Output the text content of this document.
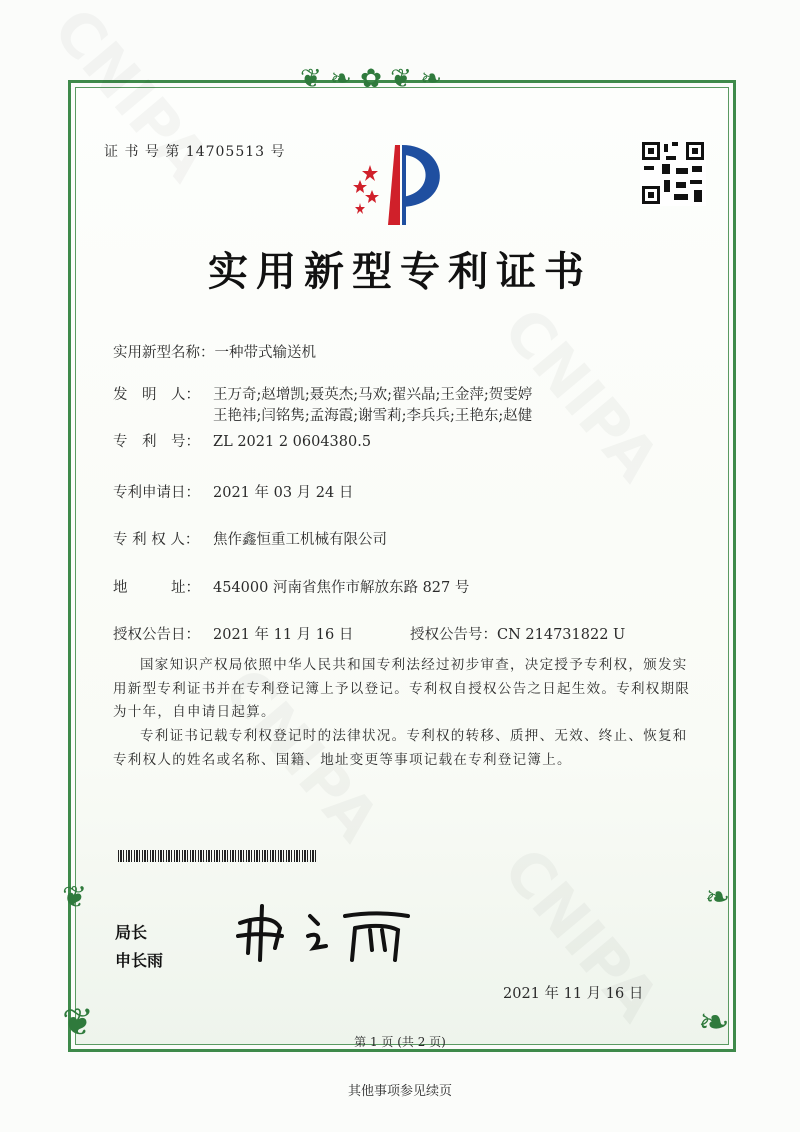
❦ ❧ ✿ ❦ ❧
❦	❧
❦	❧
证 书 号 第 14705513 号
实用新型专利证书
实用新型名称：一种带式输送机
发　明　人： 王万奇;赵增凯;聂英杰;马欢;翟兴晶;王金萍;贺雯婷
王艳祎;闫铭隽;孟海霞;谢雪莉;李兵兵;王艳东;赵健
专　利　号： ZL 2021 2 0604380.5
专利申请日： 2021 年 03 月 24 日
专 利 权 人： 焦作鑫恒重工机械有限公司
地　　　址： 454000 河南省焦作市解放东路 827 号
授权公告日： 2021 年 11 月 16 日	授权公告号：CN 214731822 U
国家知识产权局依照中华人民共和国专利法经过初步审查，决定授予专利权，颁发实用新型专利证书并在专利登记簿上予以登记。专利权自授权公告之日起生效。专利权期限为十年，自申请日起算。
专利证书记载专利权登记时的法律状况。专利权的转移、质押、无效、终止、恢复和专利权人的姓名或名称、国籍、地址变更等事项记载在专利登记簿上。
局长
申长雨
2021 年 11 月 16 日
第 1 页 (共 2 页)
其他事项参见续页
